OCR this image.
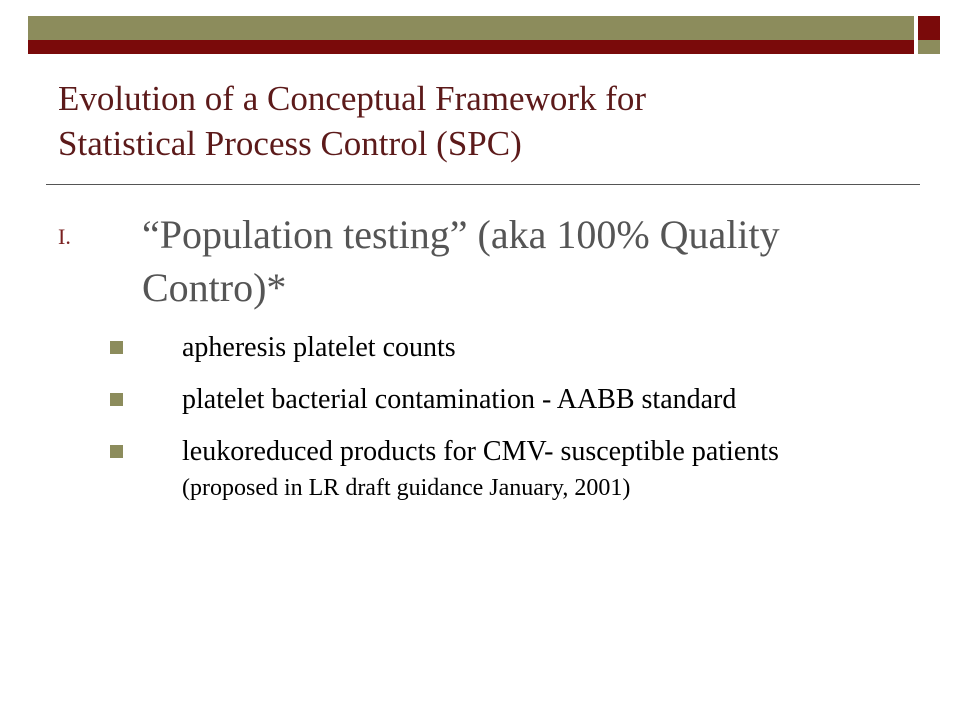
Evolution of a Conceptual Framework for
Statistical Process Control (SPC)
I. “Population testing” (aka 100% Quality Contro)*
apheresis platelet counts
platelet bacterial contamination - AABB standard
leukoreduced products for CMV- susceptible patients (proposed in LR draft guidance January, 2001)
